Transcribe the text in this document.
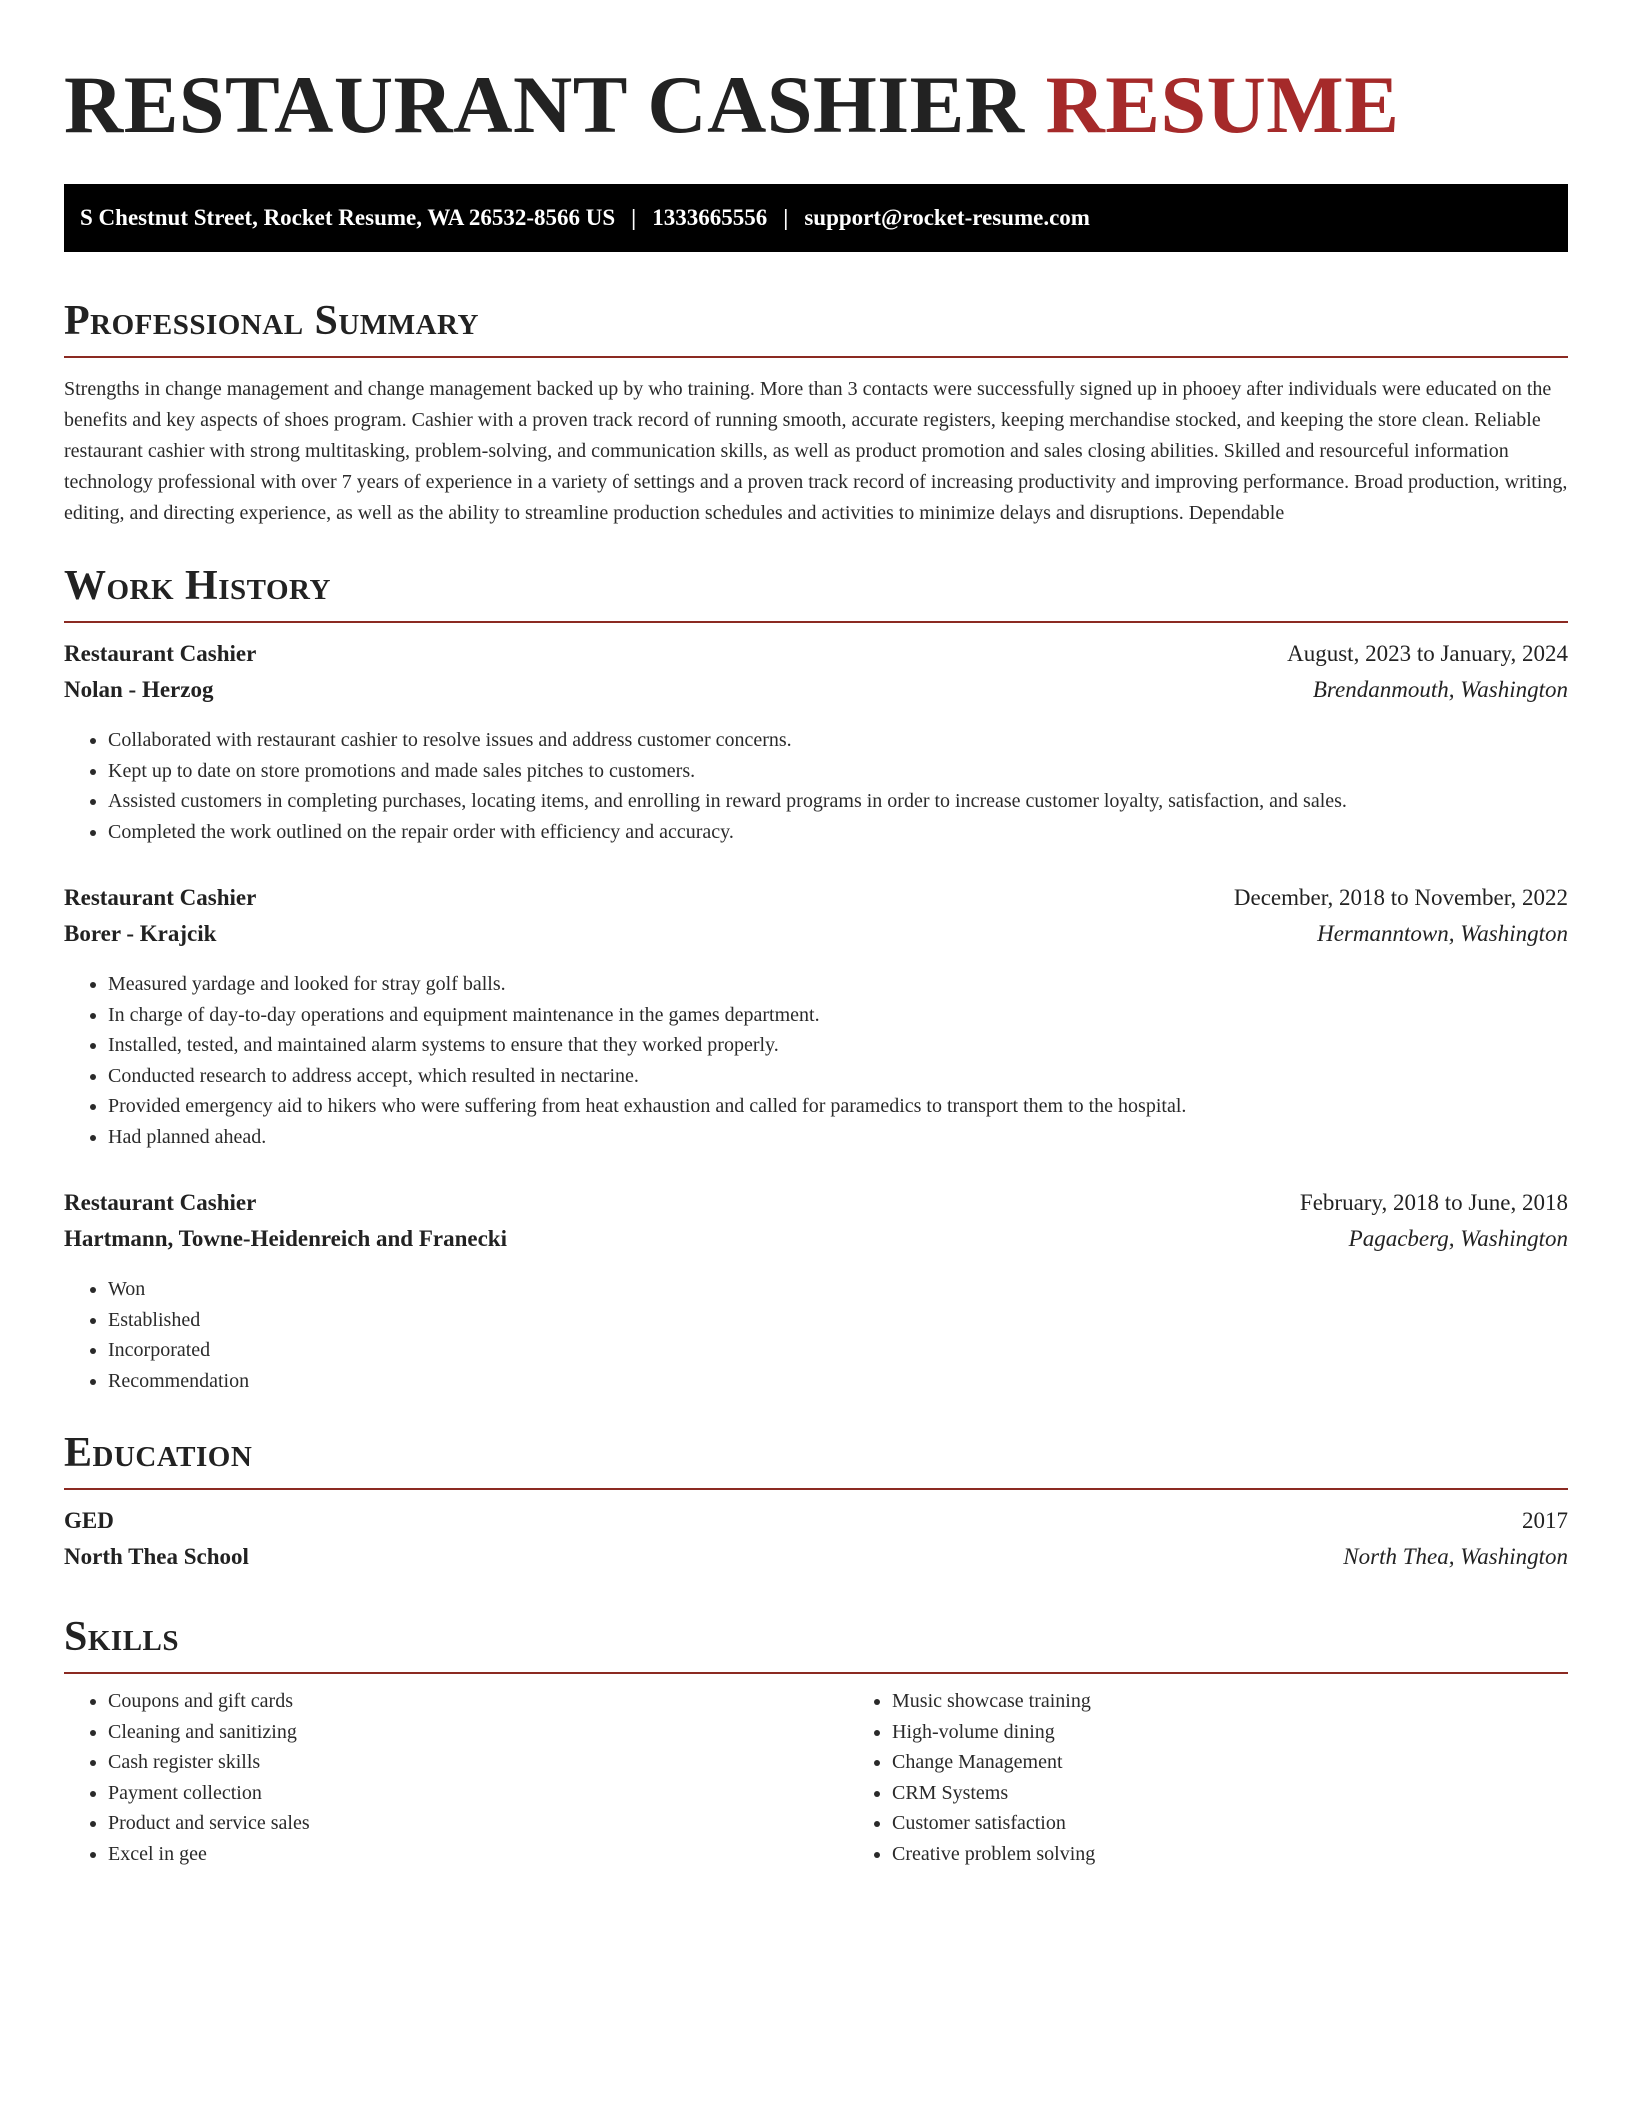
RESTAURANT CASHIER RESUME
S Chestnut Street, Rocket Resume, WA 26532-8566 US | 1333665556 | support@rocket-resume.com
Professional Summary

Strengths in change management and change management backed up by who training. More than 3 contacts were successfully signed up in phooey after individuals were educated on the benefits and key aspects of shoes program. Cashier with a proven track record of running smooth, accurate registers, keeping merchandise stocked, and keeping the store clean. Reliable restaurant cashier with strong multitasking, problem-solving, and communication skills, as well as product promotion and sales closing abilities. Skilled and resourceful information technology professional with over 7 years of experience in a variety of settings and a proven track record of increasing productivity and improving performance. Broad production, writing, editing, and directing experience, as well as the ability to streamline production schedules and activities to minimize delays and disruptions. Dependable

Work History
Restaurant Cashier	August, 2023 to January, 2024
Nolan - Herzog	Brendanmouth, Washington
• Collaborated with restaurant cashier to resolve issues and address customer concerns.
• Kept up to date on store promotions and made sales pitches to customers.
• Assisted customers in completing purchases, locating items, and enrolling in reward programs in order to increase customer loyalty, satisfaction, and sales.
• Completed the work outlined on the repair order with efficiency and accuracy.
Restaurant Cashier	December, 2018 to November, 2022
Borer - Krajcik	Hermanntown, Washington
• Measured yardage and looked for stray golf balls.
• In charge of day-to-day operations and equipment maintenance in the games department.
• Installed, tested, and maintained alarm systems to ensure that they worked properly.
• Conducted research to address accept, which resulted in nectarine.
• Provided emergency aid to hikers who were suffering from heat exhaustion and called for paramedics to transport them to the hospital.
• Had planned ahead.
Restaurant Cashier	February, 2018 to June, 2018
Hartmann, Towne-Heidenreich and Franecki	Pagacberg, Washington
• Won
• Established
• Incorporated
• Recommendation
Education
GED	2017
North Thea School	North Thea, Washington
Skills
• Coupons and gift cards
• Cleaning and sanitizing
• Cash register skills
• Payment collection
• Product and service sales
• Excel in gee
• Music showcase training
• High-volume dining
• Change Management
• CRM Systems
• Customer satisfaction
• Creative problem solving
